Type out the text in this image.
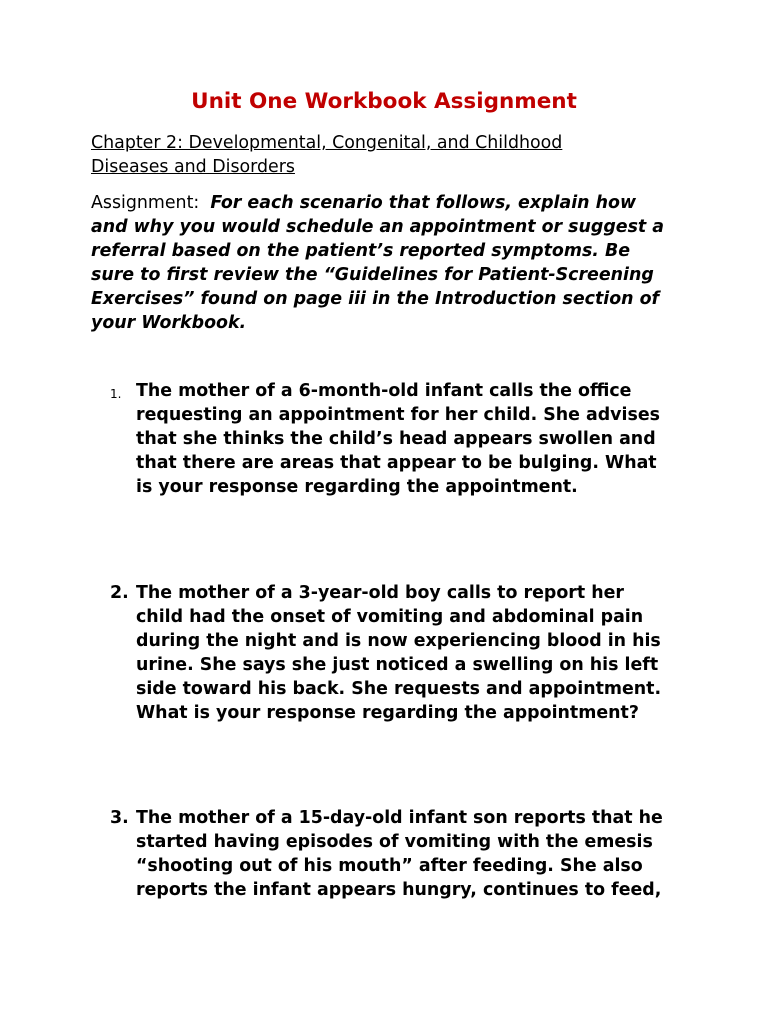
Unit One Workbook Assignment
Chapter 2: Developmental, Congenital, and Childhood
Diseases and Disorders
Assignment: For each scenario that follows, explain how
and why you would schedule an appointment or suggest a
referral based on the patient’s reported symptoms. Be
sure to first review the “Guidelines for Patient-Screening
Exercises” found on page iii in the Introduction section of
your Workbook.
1. The mother of a 6-month-old infant calls the office
requesting an appointment for her child. She advises
that she thinks the child’s head appears swollen and
that there are areas that appear to be bulging. What
is your response regarding the appointment.
2. The mother of a 3-year-old boy calls to report her
child had the onset of vomiting and abdominal pain
during the night and is now experiencing blood in his
urine. She says she just noticed a swelling on his left
side toward his back. She requests and appointment.
What is your response regarding the appointment?
3. The mother of a 15-day-old infant son reports that he
started having episodes of vomiting with the emesis
“shooting out of his mouth” after feeding. She also
reports the infant appears hungry, continues to feed,
